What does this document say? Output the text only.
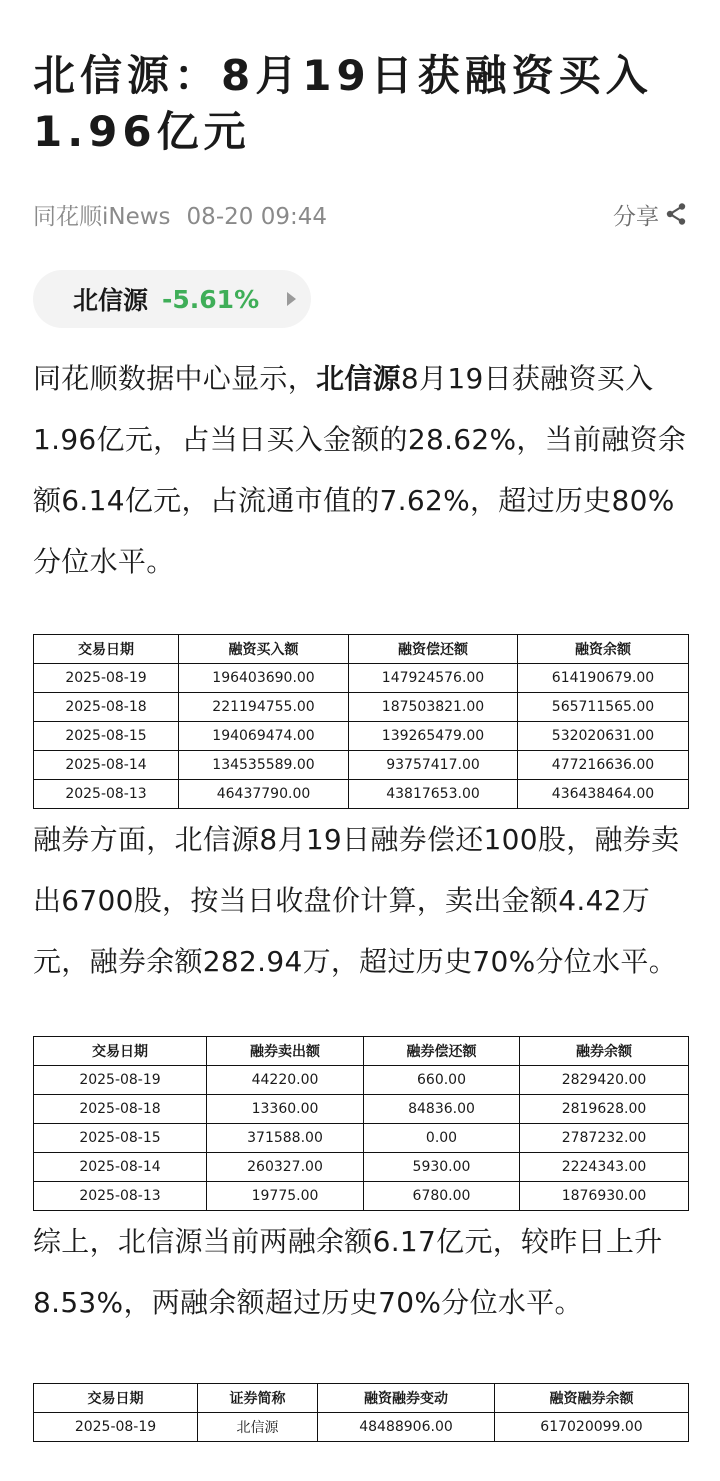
北信源：8月19日获融资买入1.96亿元
同花顺iNews 08-20 09:44	分享
北信源 -5.61%

同花顺数据中心显示，北信源8月19日获融资买入1.96亿元，占当日买入金额的28.62%，当前融资余额6.14亿元，占流通市值的7.62%，超过历史80%分位水平。

交易日期	融资买入额	融资偿还额	融资余额
2025-08-19	196403690.00	147924576.00	614190679.00
2025-08-18	221194755.00	187503821.00	565711565.00
2025-08-15	194069474.00	139265479.00	532020631.00
2025-08-14	134535589.00	93757417.00	477216636.00
2025-08-13	46437790.00	43817653.00	436438464.00

融券方面，北信源8月19日融券偿还100股，融券卖出6700股，按当日收盘价计算，卖出金额4.42万元，融券余额282.94万，超过历史70%分位水平。

交易日期	融券卖出额	融券偿还额	融券余额
2025-08-19	44220.00	660.00	2829420.00
2025-08-18	13360.00	84836.00	2819628.00
2025-08-15	371588.00	0.00	2787232.00
2025-08-14	260327.00	5930.00	2224343.00
2025-08-13	19775.00	6780.00	1876930.00

综上，北信源当前两融余额6.17亿元，较昨日上升8.53%，两融余额超过历史70%分位水平。

交易日期	证券简称	融资融券变动	融资融券余额
2025-08-19	北信源	48488906.00	617020099.00
